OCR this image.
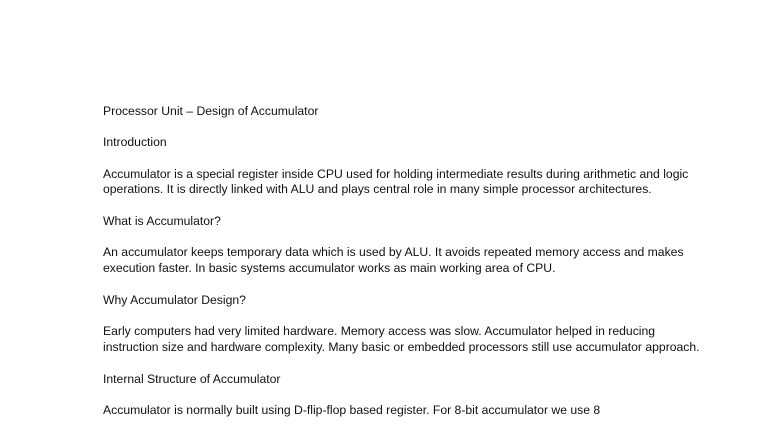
Processor Unit – Design of Accumulator

Introduction

Accumulator is a special register inside CPU used for holding intermediate results during arithmetic and logic operations. It is directly linked with ALU and plays central role in many simple processor architectures.

What is Accumulator?

An accumulator keeps temporary data which is used by ALU. It avoids repeated memory access and makes execution faster. In basic systems accumulator works as main working area of CPU.

Why Accumulator Design?

Early computers had very limited hardware. Memory access was slow. Accumulator helped in reducing instruction size and hardware complexity. Many basic or embedded processors still use accumulator approach.

Internal Structure of Accumulator

Accumulator is normally built using D-flip-flop based register. For 8-bit accumulator we use 8
